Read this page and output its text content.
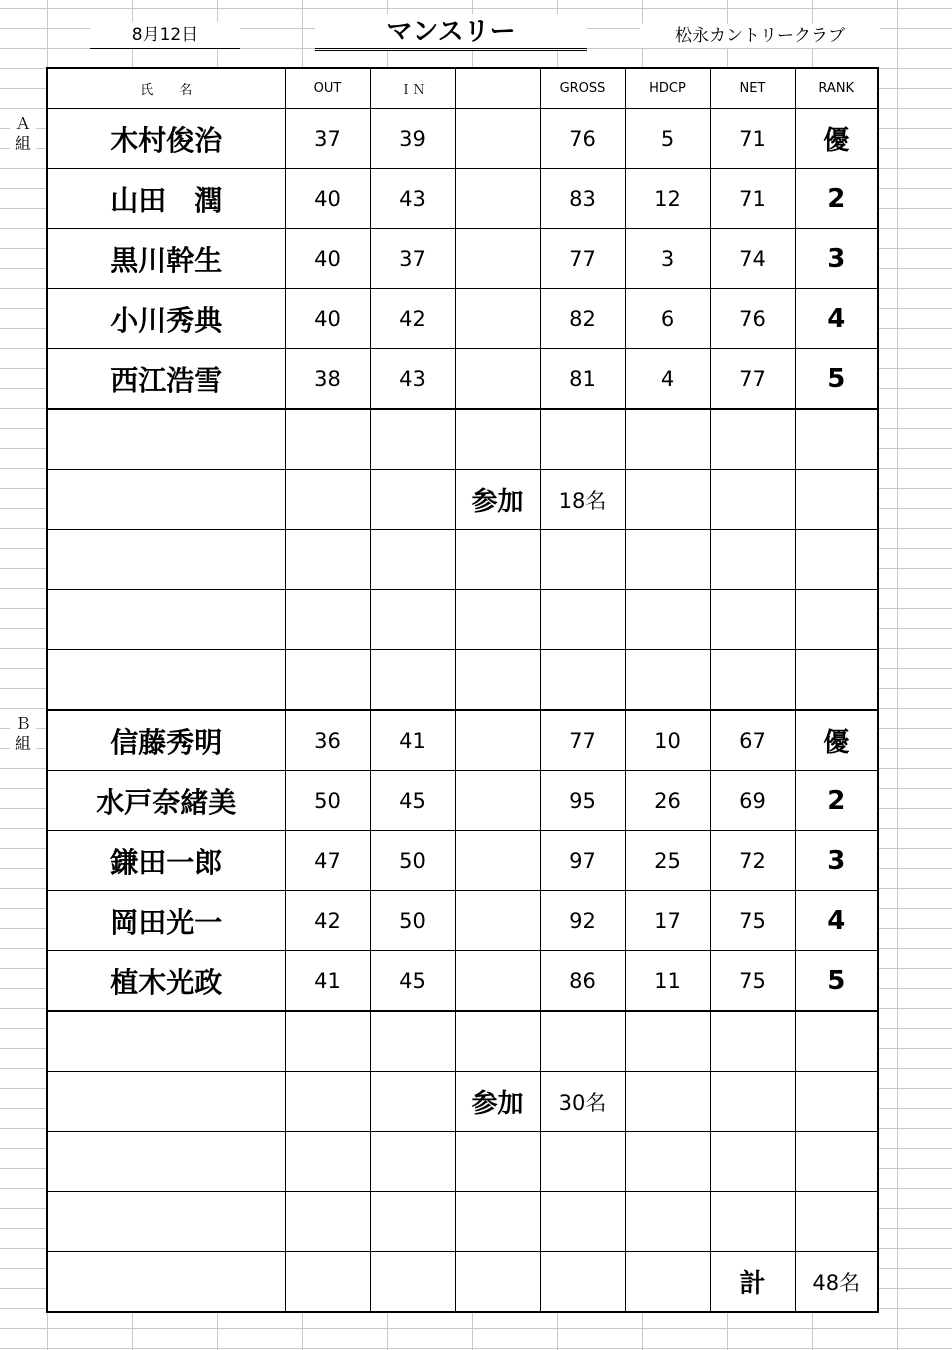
8月12日	マンスリー	松永カントリークラブ
Ａ組
Ｂ組
氏　　名	OUT	ＩＮ		GROSS	HDCP	NET	RANK
木村俊治	37	39		76	5	71	優
山田　潤	40	43		83	12	71	2
黒川幹生	40	37		77	3	74	3
小川秀典	40	42		82	6	76	4
西江浩雪	38	43		81	4	77	5

			参加	18名			

信藤秀明	36	41		77	10	67	優
水戸奈緒美	50	45		95	26	69	2
鎌田一郎	47	50		97	25	72	3
岡田光一	42	50		92	17	75	4
植木光政	41	45		86	11	75	5

			参加	30名			

						計	48名
